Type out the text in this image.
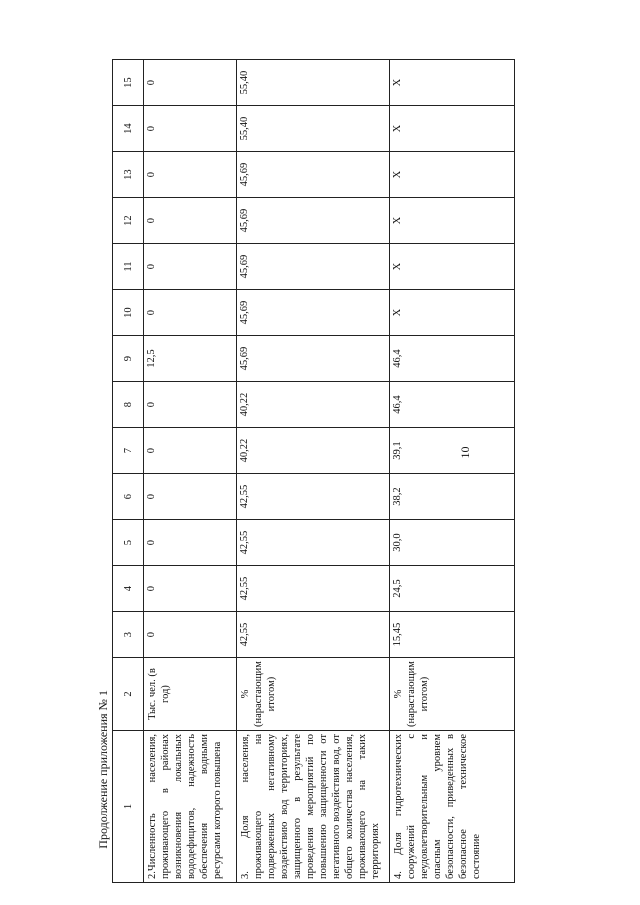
10
Продолжение приложения № 1 1	2	3	4	5	6	7	8	9	10	11	12	13	14	15
2.Численность населения, проживающего в районах возникновения локальных вододефицитов, надежность обеспечения водными ресурсами которого повышена	Тыс. чел. (в год)	0	0	0	0	0	0	12,5	0	0	0	0	0	0
3. Доля населения, проживающего на подверженных негативному воздействию вод территориях, защищенного в результате проведения мероприятий по повышению защищенности от негативного воздействия вод, от общего количества населения, проживающего на таких территориях	% (нарастающим итогом)	42,55	42,55	42,55	42,55	40,22	40,22	45,69	45,69	45,69	45,69	45,69	55,40	55,40
4. Доля гидротехнических сооружений с неудовлетворительным и опасным уровнем безопасности, приведенных в безопасное техническое состояние	% (нарастающим итогом)	15,45	24,5	30,0	38,2	39,1	46,4	46,4	X	X	X	X	X	X
